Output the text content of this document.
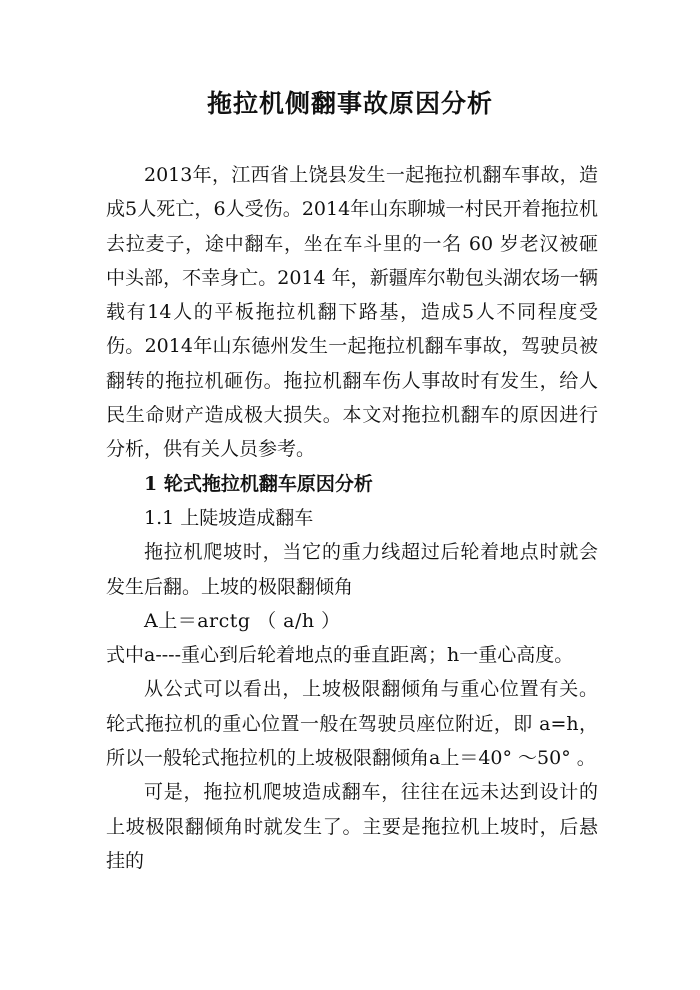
拖拉机侧翻事故原因分析

2013年，江西省上饶县发生一起拖拉机翻车事故，造成5人死亡，6人受伤。2014年山东聊城一村民开着拖拉机去拉麦子，途中翻车，坐在车斗里的一名 60 岁老汉被砸中头部，不幸身亡。2014 年，新疆库尔勒包头湖农场一辆载有14人的平板拖拉机翻下路基，造成5人不同程度受伤。2014年山东德州发生一起拖拉机翻车事故，驾驶员被翻转的拖拉机砸伤。拖拉机翻车伤人事故时有发生，给人民生命财产造成极大损失。本文对拖拉机翻车的原因进行分析，供有关人员参考。

1 轮式拖拉机翻车原因分析

1.1 上陡坡造成翻车

拖拉机爬坡时，当它的重力线超过后轮着地点时就会发生后翻。上坡的极限翻倾角

A上＝arctg （ a/h ）

式中a----重心到后轮着地点的垂直距离；h一重心高度。

从公式可以看出，上坡极限翻倾角与重心位置有关。轮式拖拉机的重心位置一般在驾驶员座位附近，即 a=h，所以一般轮式拖拉机的上坡极限翻倾角a上＝40° ～50° 。

可是，拖拉机爬坡造成翻车，往往在远未达到设计的上坡极限翻倾角时就发生了。主要是拖拉机上坡时，后悬挂的
